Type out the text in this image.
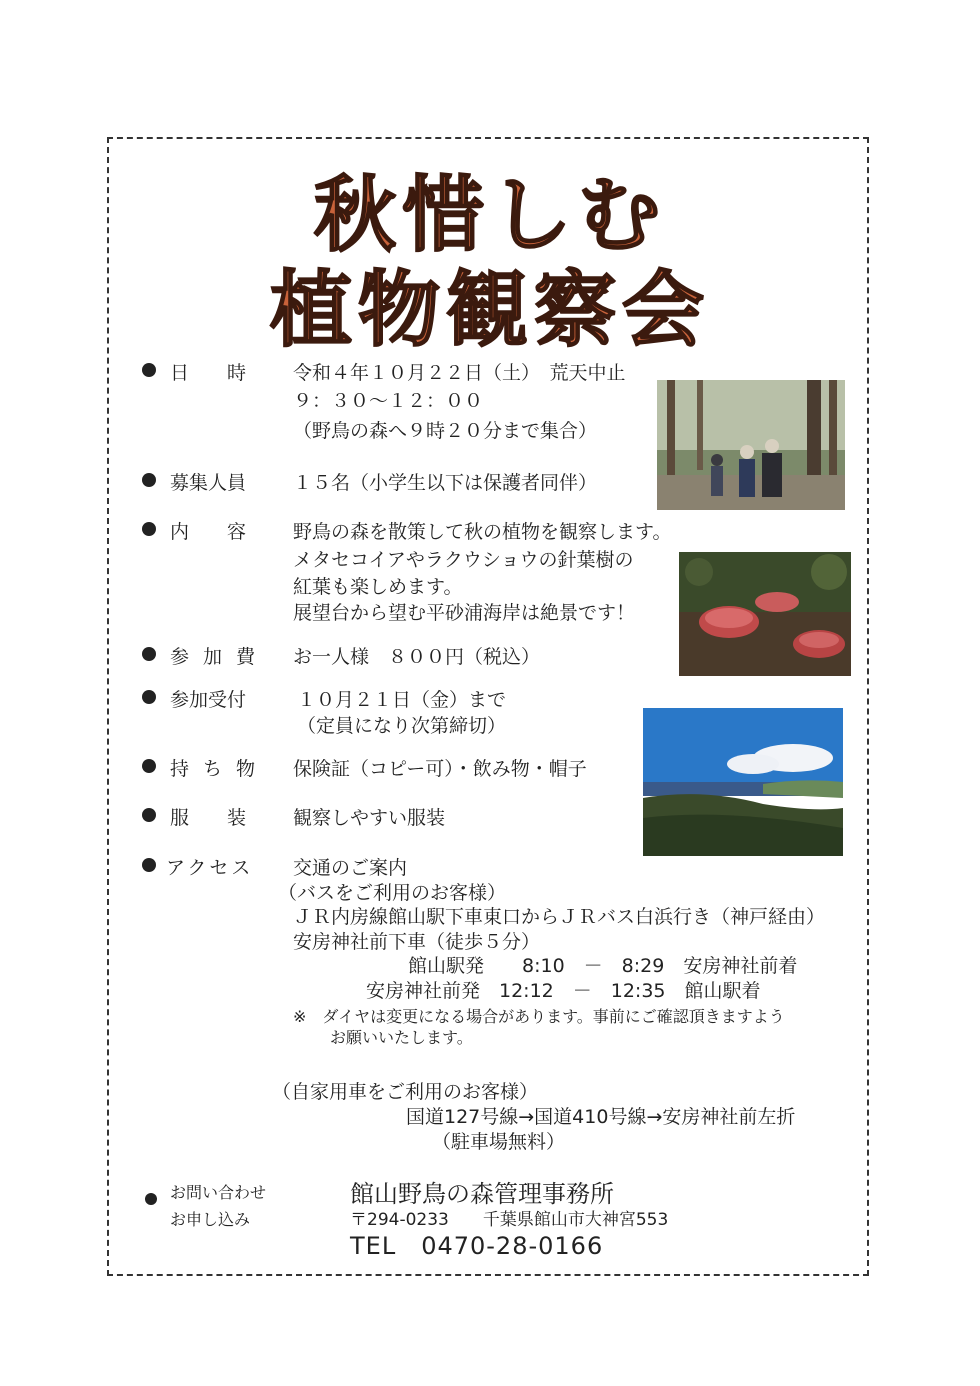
秋惜しむ
植物観察会
日　　時 令和４年１０月２２日（土）　荒天中止
９：３０〜１２：００
（野鳥の森へ９時２０分まで集合）
募集人員 １５名（小学生以下は保護者同伴）
内　　容 野鳥の森を散策して秋の植物を観察します。
メタセコイアやラクウショウの針葉樹の
紅葉も楽しめます。
展望台から望む平砂浦海岸は絶景です！
参加費 お一人様　８００円（税込）
参加受付	１０月２１日（金）まで
（定員になり次第締切）
持ち物 保険証（コピー可）・飲み物・帽子
服　　装 観察しやすい服装
アクセス 交通のご案内
（バスをご利用のお客様）
ＪＲ内房線館山駅下車東口からＪＲバス白浜行き（神戸経由）
安房神社前下車（徒歩５分）
館山駅発　　8:10　－　8:29　安房神社前着
安房神社前発　12:12　－　12:35　館山駅着
※　ダイヤは変更になる場合があります。事前にご確認頂きますよう
お願いいたします。
（自家用車をご利用のお客様）
国道127号線→国道410号線→安房神社前左折
（駐車場無料）
お問い合わせ
お申し込み
館山野鳥の森管理事務所
〒294-0233　　千葉県館山市大神宮553
TEL　0470-28-0166
